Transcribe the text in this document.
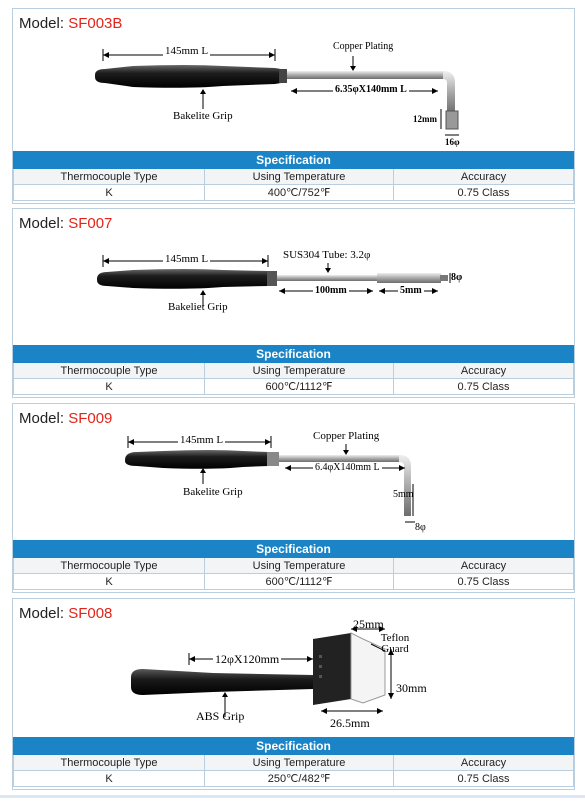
Model: SF003B
145mm L	Copper Plating
6.35φX140mm L
Bakelite Grip	12mm
16φ
Specification		
Thermocouple Type	Using Temperature	Accuracy
K	400℃/752℉	0.75 Class
Model: SF007
145mm L	SUS304 Tube: 3.2φ
8φ
100mm	5mm
Bakeliet Grip
Specification		
Thermocouple Type	Using Temperature	Accuracy
K	600℃/1112℉	0.75 Class
Model: SF009
145mm L	Copper Plating
6.4φX140mm L
Bakelite Grip	5mm
8φ
Specification		
Thermocouple Type	Using Temperature	Accuracy
K	600℃/1112℉	0.75 Class
Model: SF008
25mm
Teflon Guard
12φX120mm
30mm
ABS Grip	26.5mm
Specification		
Thermocouple Type	Using Temperature	Accuracy
K	250℃/482℉	0.75 Class
